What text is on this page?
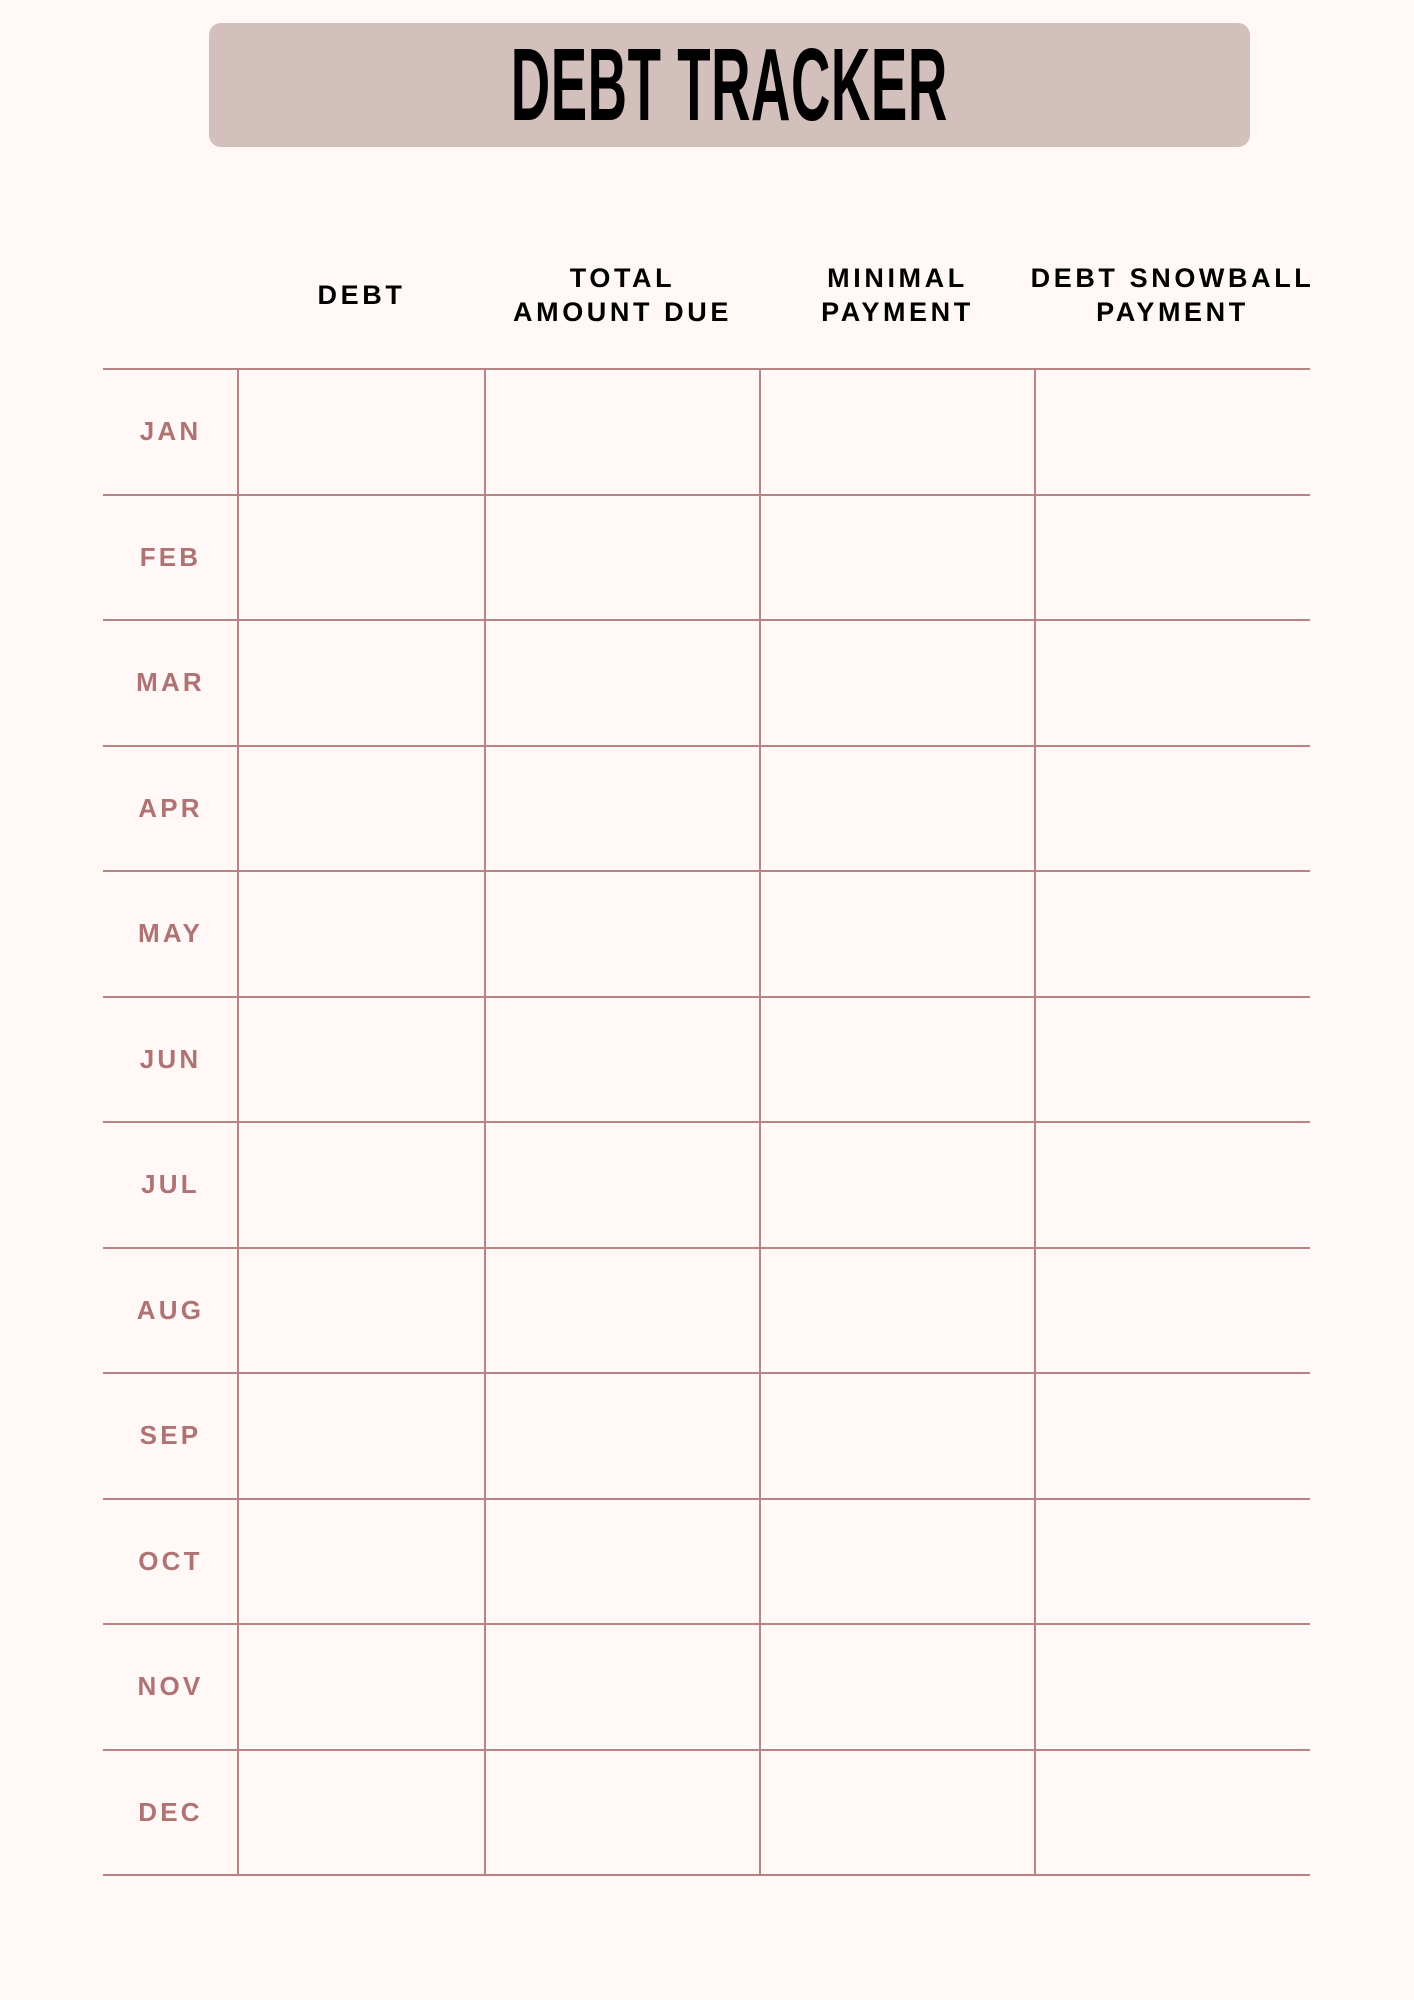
DEBT TRACKER
DEBT
TOTAL
AMOUNT DUE
MINIMAL
PAYMENT
DEBT SNOWBALL
PAYMENT
JAN
FEB
MAR
APR
MAY
JUN
JUL
AUG
SEP
OCT
NOV
DEC
